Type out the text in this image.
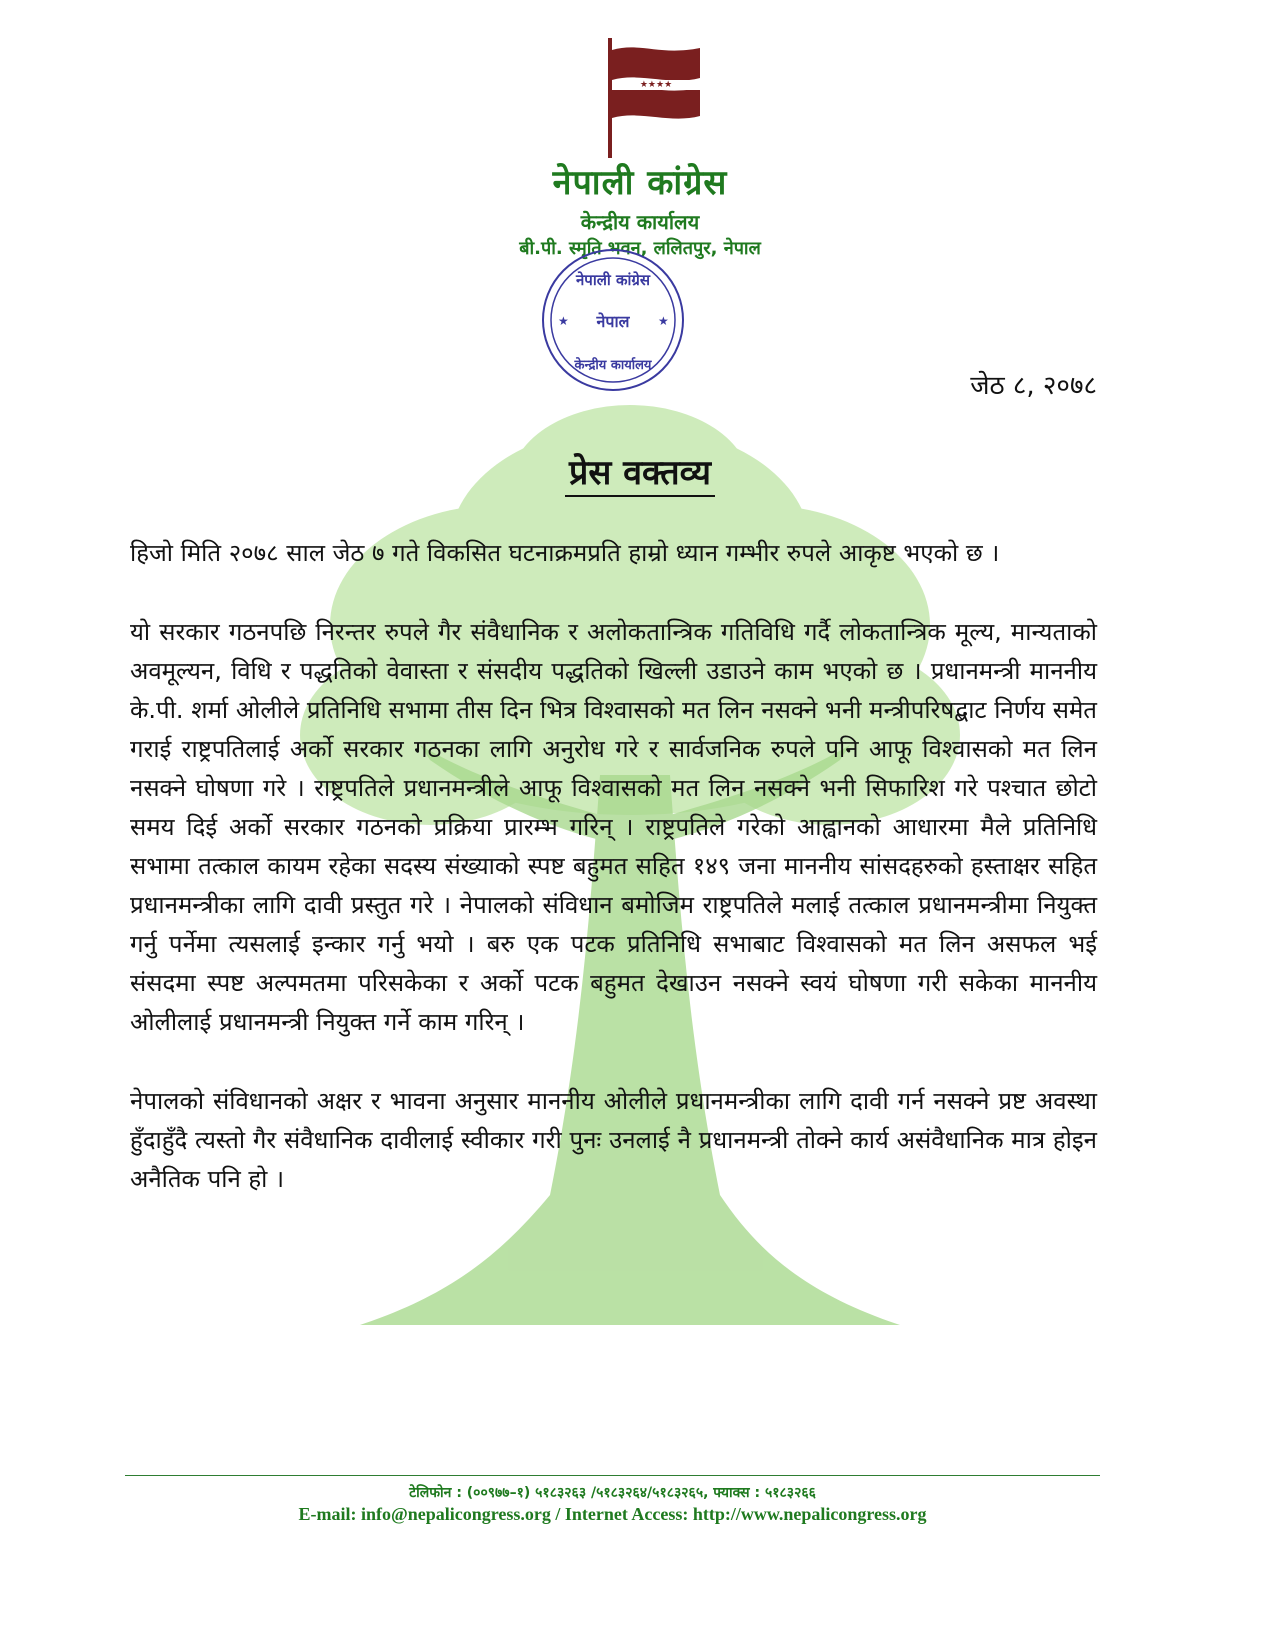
★★★★
नेपाली कांग्रेस
केन्द्रीय कार्यालय
बी.पी. स्मृति भवन, ललितपुर, नेपाल
नेपाली कांग्रेस
नेपाल
केन्द्रीय कार्यालय
★	★
जेठ ८, २०७८
प्रेस वक्तव्य

हिजो मिति २०७८ साल जेठ ७ गते विकसित घटनाक्रमप्रति हाम्रो ध्यान गम्भीर रुपले आकृष्ट भएको छ ।

यो सरकार गठनपछि निरन्तर रुपले गैर संवैधानिक र अलोकतान्त्रिक गतिविधि गर्दै लोकतान्त्रिक मूल्य, मान्यताको अवमूल्यन, विधि र पद्धतिको वेवास्ता र संसदीय पद्धतिको खिल्ली उडाउने काम भएको छ । प्रधानमन्त्री माननीय के.पी. शर्मा ओलीले प्रतिनिधि सभामा तीस दिन भित्र विश्वासको मत लिन नसक्ने भनी मन्त्रीपरिषद्बाट निर्णय समेत गराई राष्ट्रपतिलाई अर्को सरकार गठनका लागि अनुरोध गरे र सार्वजनिक रुपले पनि आफू विश्वासको मत लिन नसक्ने घोषणा गरे । राष्ट्रपतिले प्रधानमन्त्रीले आफू विश्वासको मत लिन नसक्ने भनी सिफारिश गरे पश्चात छोटो समय दिई अर्को सरकार गठनको प्रक्रिया प्रारम्भ गरिन् । राष्ट्रपतिले गरेको आह्वानको आधारमा मैले प्रतिनिधि सभामा तत्काल कायम रहेका सदस्य संख्याको स्पष्ट बहुमत सहित १४९ जना माननीय सांसदहरुको हस्ताक्षर सहित प्रधानमन्त्रीका लागि दावी प्रस्तुत गरे । नेपालको संविधान बमोजिम राष्ट्रपतिले मलाई तत्काल प्रधानमन्त्रीमा नियुक्त गर्नु पर्नेमा त्यसलाई इन्कार गर्नु भयो । बरु एक पटक प्रतिनिधि सभाबाट विश्वासको मत लिन असफल भई संसदमा स्पष्ट अल्पमतमा परिसकेका र अर्को पटक बहुमत देखाउन नसक्ने स्वयं घोषणा गरी सकेका माननीय ओलीलाई प्रधानमन्त्री नियुक्त गर्ने काम गरिन् ।

नेपालको संविधानको अक्षर र भावना अनुसार माननीय ओलीले प्रधानमन्त्रीका लागि दावी गर्न नसक्ने प्रष्ट अवस्था हुँदाहुँदै त्यस्तो गैर संवैधानिक दावीलाई स्वीकार गरी पुनः उनलाई नै प्रधानमन्त्री तोक्ने कार्य असंवैधानिक मात्र होइन अनैतिक पनि हो ।

टेलिफोन : (००९७७–१) ५१८३२६३ /५१८३२६४/५१८३२६५, फ्याक्स : ५१८३२६६
E-mail: info@nepalicongress.org / Internet Access: http://www.nepalicongress.org
